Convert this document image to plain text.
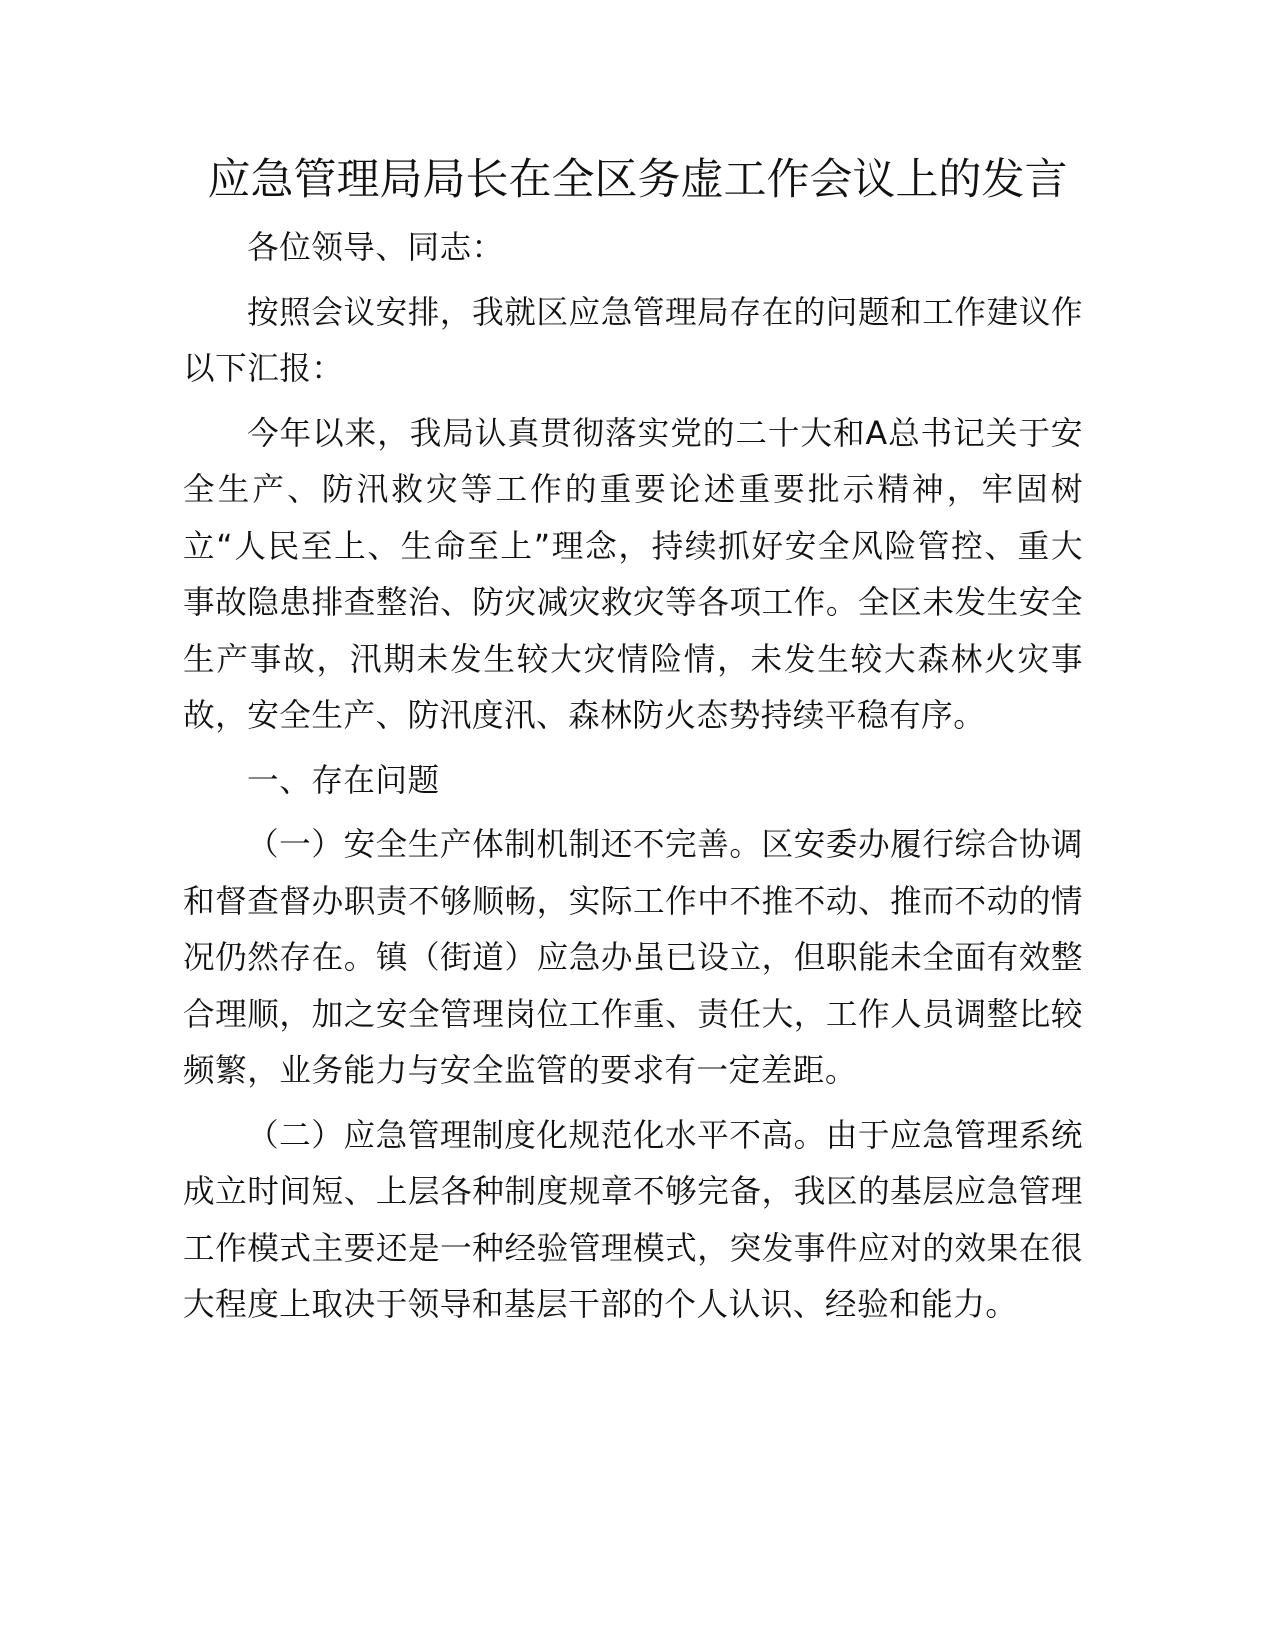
应急管理局局长在全区务虚工作会议上的发言

各位领导、同志：

按照会议安排，我就区应急管理局存在的问题和工作建议作以下汇报：

今年以来，我局认真贯彻落实党的二十大和A总书记关于安全生产、防汛救灾等工作的重要论述重要批示精神，牢固树立“人民至上、生命至上”理念，持续抓好安全风险管控、重大事故隐患排查整治、防灾减灾救灾等各项工作。全区未发生安全生产事故，汛期未发生较大灾情险情，未发生较大森林火灾事故，安全生产、防汛度汛、森林防火态势持续平稳有序。

一、存在问题

（一）安全生产体制机制还不完善。区安委办履行综合协调和督查督办职责不够顺畅，实际工作中不推不动、推而不动的情况仍然存在。镇（街道）应急办虽已设立，但职能未全面有效整合理顺，加之安全管理岗位工作重、责任大，工作人员调整比较频繁，业务能力与安全监管的要求有一定差距。

（二）应急管理制度化规范化水平不高。由于应急管理系统成立时间短、上层各种制度规章不够完备，我区的基层应急管理工作模式主要还是一种经验管理模式，突发事件应对的效果在很大程度上取决于领导和基层干部的个人认识、经验和能力。
